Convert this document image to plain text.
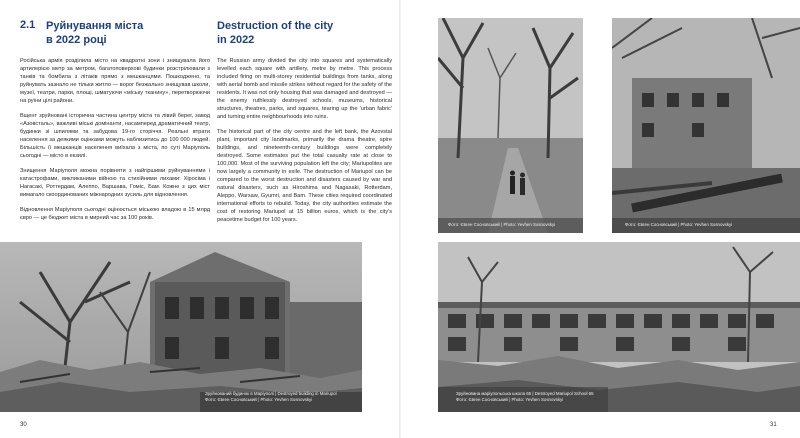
2.1 Руйнування міста
в 2022 році
Destruction of the city
in 2022

Російська армія розділила місто на квадратні зони і знищувала його артилерією метр за метром, багатоповерхові будинки розстрілювали з танків та бомбила з літаків прямо з мешканцями. Пошкоджено, та руйнувать зазнало не тільки житло — ворог безжально знищував школи, музеї, театри, парки, площі, шматуючи «міську тканину», перетворюючи на руїни цілі райони.

Вщент зруйновані історична частина центру міста та лівий берег, завод «Азовсталь», важливі міські домінанти, насамперед драматичний театр, будинки зі шпилями та забудова 19-го сторіччя. Реальні втрати населення за деякими оцінками можуть наблизитись до 100 000 людей. Більшість її мешканців населення виїхала з міста, по суті Маріуполь сьогодні — місто в екзилі.

Знищення Маріуполя можна порівняти з найгіршими руйнуваннями і катастрофами, викликаними війною та стихійними лихами: Хіросіма і Нагасакі, Роттердам, Алеппо, Варшава, Гоміс, Бам. Кожне з цих міст вимагало скоординованих міжнародних зусиль для відновлення.

Відновлення Маріуполя сьогодні оцінюється міською владою в 15 млрд євро — це бюджет міста в мирний час за 100 років.

The Russian army divided the city into squares and systematically levelled each square with artillery, metre by metre. This process included firing on multi-storey residential buildings from tanks, along with aerial bomb and missile strikes without regard for the safety of the residents. It was not only housing that was damaged and destroyed — the enemy ruthlessly destroyed schools, museums, historical structures, theatres, parks, and squares, tearing up the 'urban fabric' and turning entire neighbourhoods into ruins.

The historical part of the city centre and the left bank, the Azovstal plant, important city landmarks, primarily the drama theatre, spire buildings, and nineteenth-century buildings were completely destroyed. Some estimates put the total casualty rate at close to 100,000. Most of the surviving population left the city; Mariupolites are now largely a community in exile. The destruction of Mariupol can be compared to the worst destruction and disasters caused by war and natural disasters, such as Hiroshima and Nagasaki, Rotterdam, Aleppo, Warsaw, Gyumri, and Bam. These cities required coordinated international efforts to rebuild. Today, the city authorities estimate the cost of restoring Mariupol at 15 billion euros, which is the city's peacetime budget for 100 years.

Зруйнований будинок в Маріуполі | Destroyed building in Mariupol
Фото: Євген Сосновський | Photo: Yevhen Sosnovskyi
Фото: Євген Сосновський | Photo: Yevhen Sosnovskyi	Фото: Євген Сосновський | Photo: Yevhen Sosnovskyi
Зруйнована маріупольська школа 65 | Destroyed Mariupol School 65
Фото: Євген Сосновський | Photo: Yevhen Sosnovskyi
30	31
